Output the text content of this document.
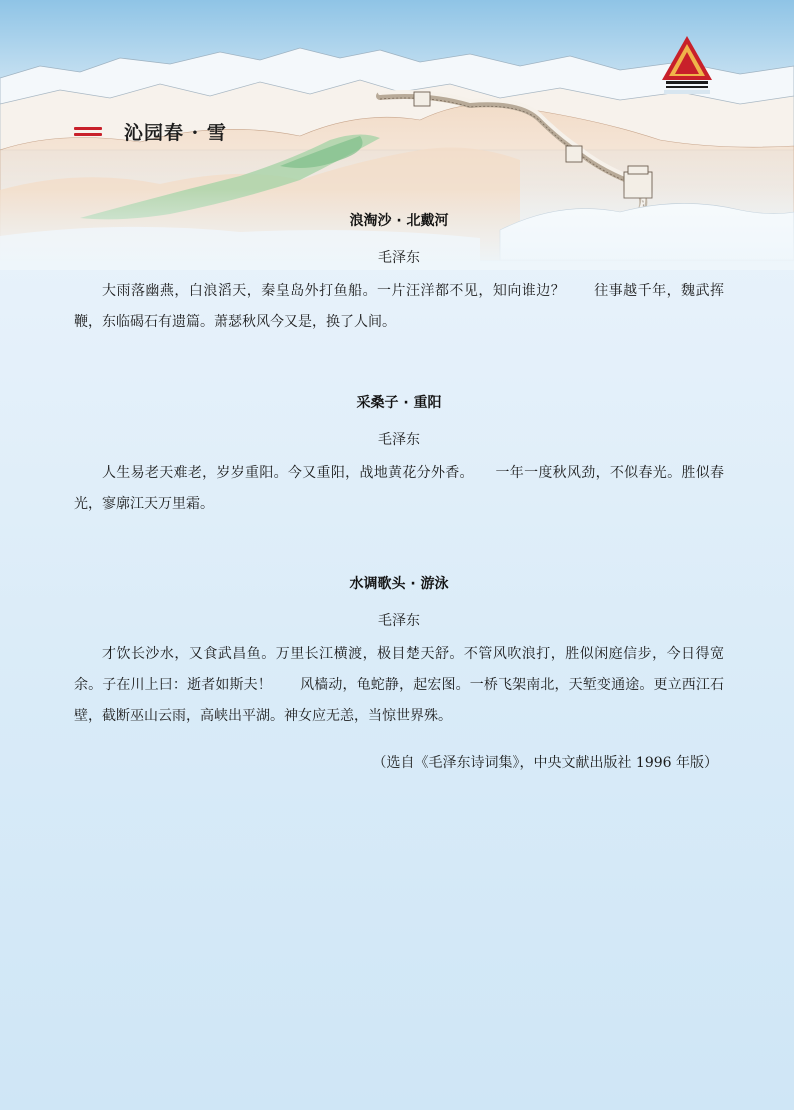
沁园春 · 雪
浪淘沙 · 北戴河
毛泽东

大雨落幽燕，白浪滔天，秦皇岛外打鱼船。一片汪洋都不见，知向谁边？　　往事越千年，魏武挥鞭，东临碣石有遗篇。萧瑟秋风今又是，换了人间。

采桑子 · 重阳
毛泽东

人生易老天难老，岁岁重阳。今又重阳，战地黄花分外香。　　一年一度秋风劲，不似春光。胜似春光，寥廓江天万里霜。

水调歌头 · 游泳
毛泽东

才饮长沙水，又食武昌鱼。万里长江横渡，极目楚天舒。不管风吹浪打，胜似闲庭信步，今日得宽余。子在川上曰：逝者如斯夫！　　风樯动，龟蛇静，起宏图。一桥飞架南北，天堑变通途。更立西江石壁，截断巫山云雨，高峡出平湖。神女应无恙，当惊世界殊。

（选自《毛泽东诗词集》，中央文献出版社 1996 年版）
